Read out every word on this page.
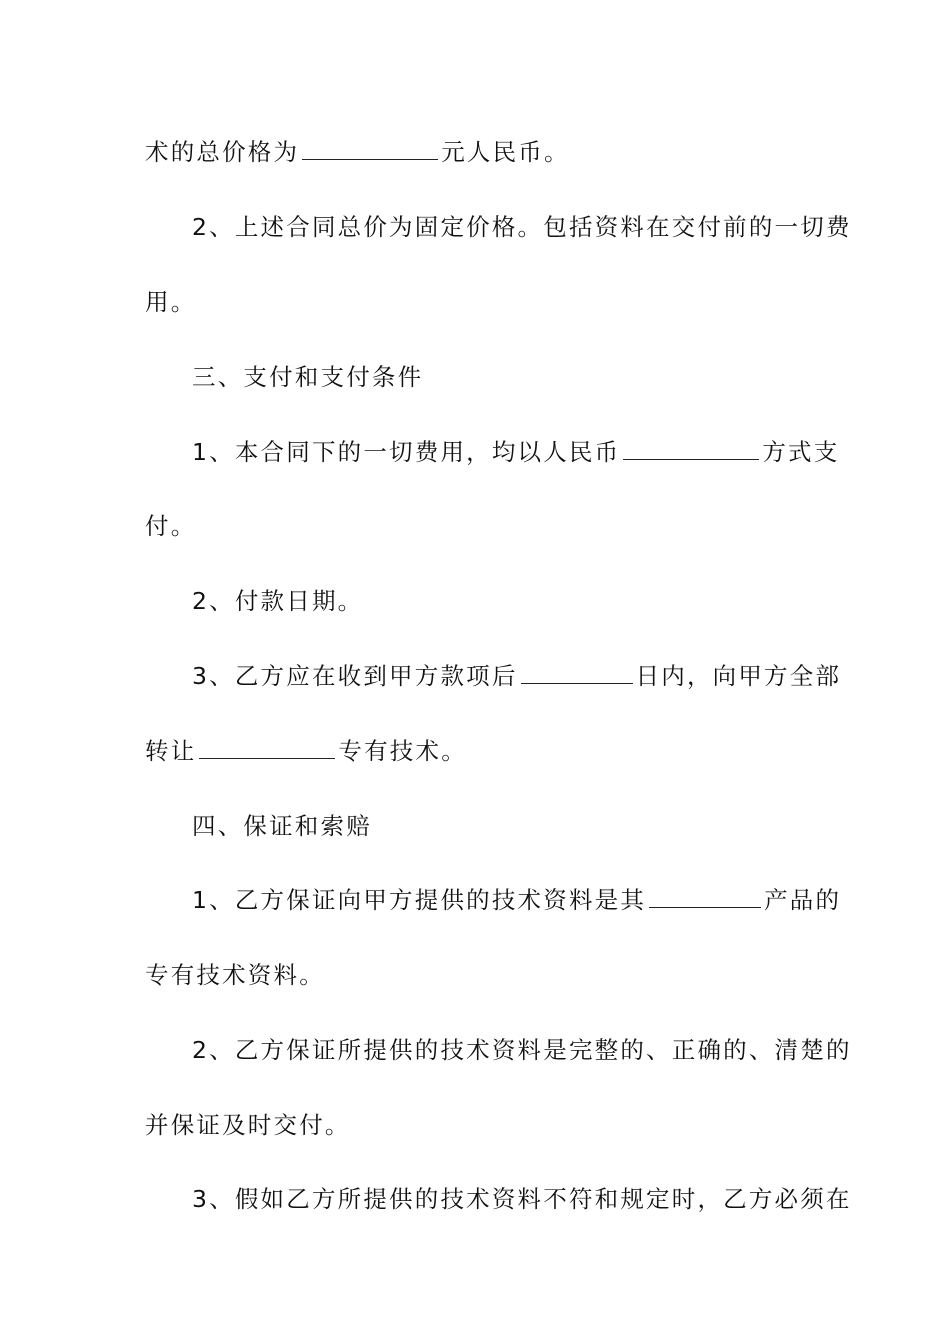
术的总价格为	元人民币。
2、上述合同总价为固定价格。包括资料在交付前的一切费
用。
三、支付和支付条件
1、本合同下的一切费用，均以人民币	方式支
付。
2、付款日期。
3、乙方应在收到甲方款项后	日内，向甲方全部
转让	专有技术。
四、保证和索赔
1、乙方保证向甲方提供的技术资料是其	产品的
专有技术资料。
2、乙方保证所提供的技术资料是完整的、正确的、清楚的
并保证及时交付。
3、假如乙方所提供的技术资料不符和规定时，乙方必须在
